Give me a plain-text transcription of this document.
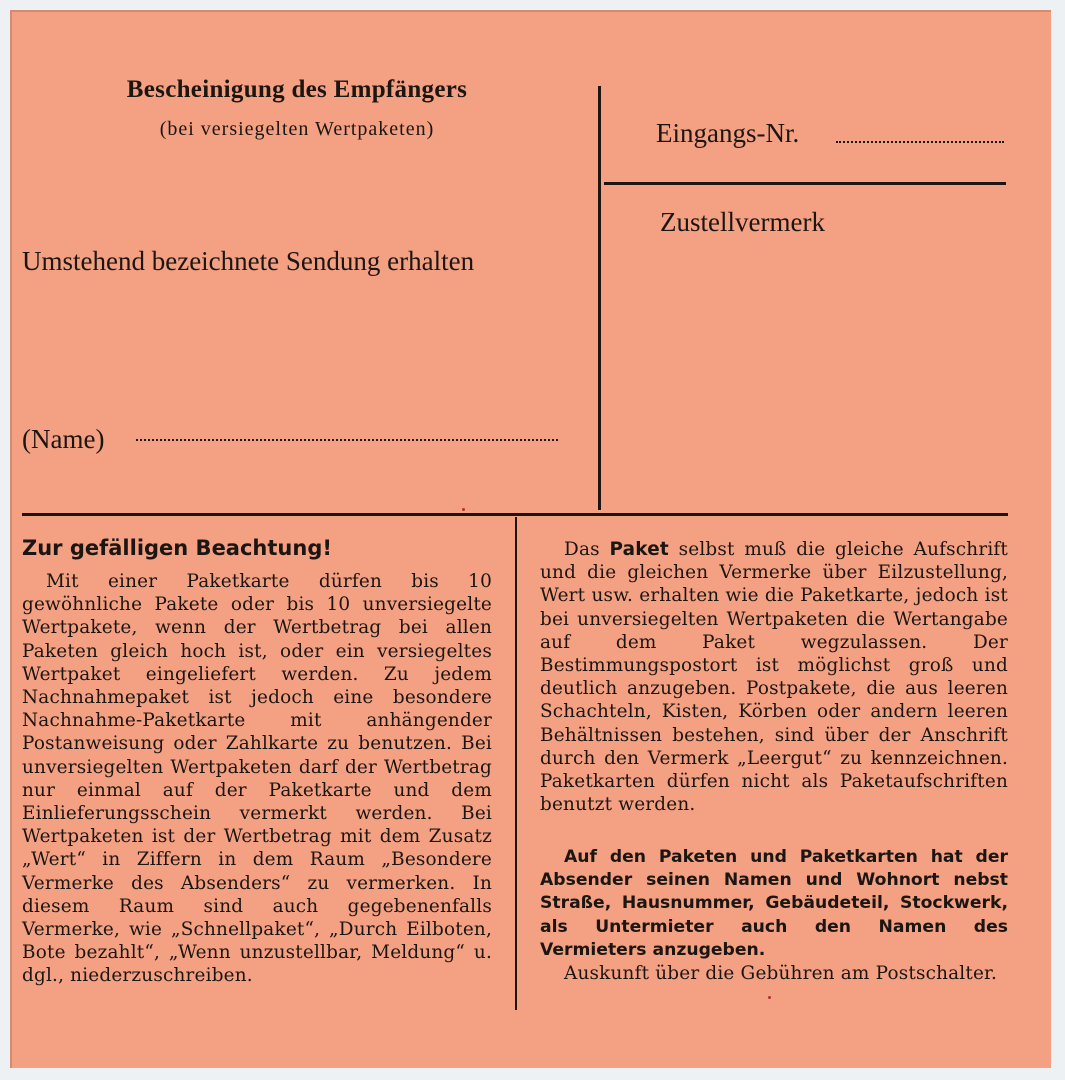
Bescheinigung des Empfängers
(bei versiegelten Wertpaketen)
Umstehend bezeichnete Sendung erhalten
(Name)
Eingangs-Nr.
Zustellvermerk
Zur gefälligen Beachtung!

Mit einer Paketkarte dürfen bis 10 gewöhnliche Pakete oder bis 10 unversiegelte Wertpakete, wenn der Wertbetrag bei allen Paketen gleich hoch ist, oder ein versiegeltes Wertpaket eingeliefert werden. Zu jedem Nachnahmepaket ist jedoch eine besondere Nachnahme-Paketkarte mit anhängender Postanweisung oder Zahlkarte zu benutzen. Bei unversiegelten Wertpaketen darf der Wertbetrag nur einmal auf der Paketkarte und dem Einlieferungsschein vermerkt werden. Bei Wertpaketen ist der Wertbetrag mit dem Zusatz „Wert“ in Ziffern in dem Raum „Besondere Vermerke des Absenders“ zu vermerken. In diesem Raum sind auch gegebenenfalls Vermerke, wie „Schnellpaket“, „Durch Eilboten, Bote bezahlt“, „Wenn unzustellbar, Meldung“ u. dgl., niederzuschreiben.

Das Paket selbst muß die gleiche Aufschrift und die gleichen Vermerke über Eilzustellung, Wert usw. erhalten wie die Paketkarte, jedoch ist bei unversiegelten Wertpaketen die Wertangabe auf dem Paket wegzulassen. Der Bestimmungspostort ist möglichst groß und deutlich anzugeben. Postpakete, die aus leeren Schachteln, Kisten, Körben oder andern leeren Behältnissen bestehen, sind über der Anschrift durch den Vermerk „Leergut“ zu kennzeichnen. Paketkarten dürfen nicht als Paketaufschriften benutzt werden.

Auf den Paketen und Paketkarten hat der Absender seinen Namen und Wohnort nebst Straße, Hausnummer, Gebäudeteil, Stockwerk, als Untermieter auch den Namen des Vermieters anzugeben.

Auskunft über die Gebühren am Postschalter.
